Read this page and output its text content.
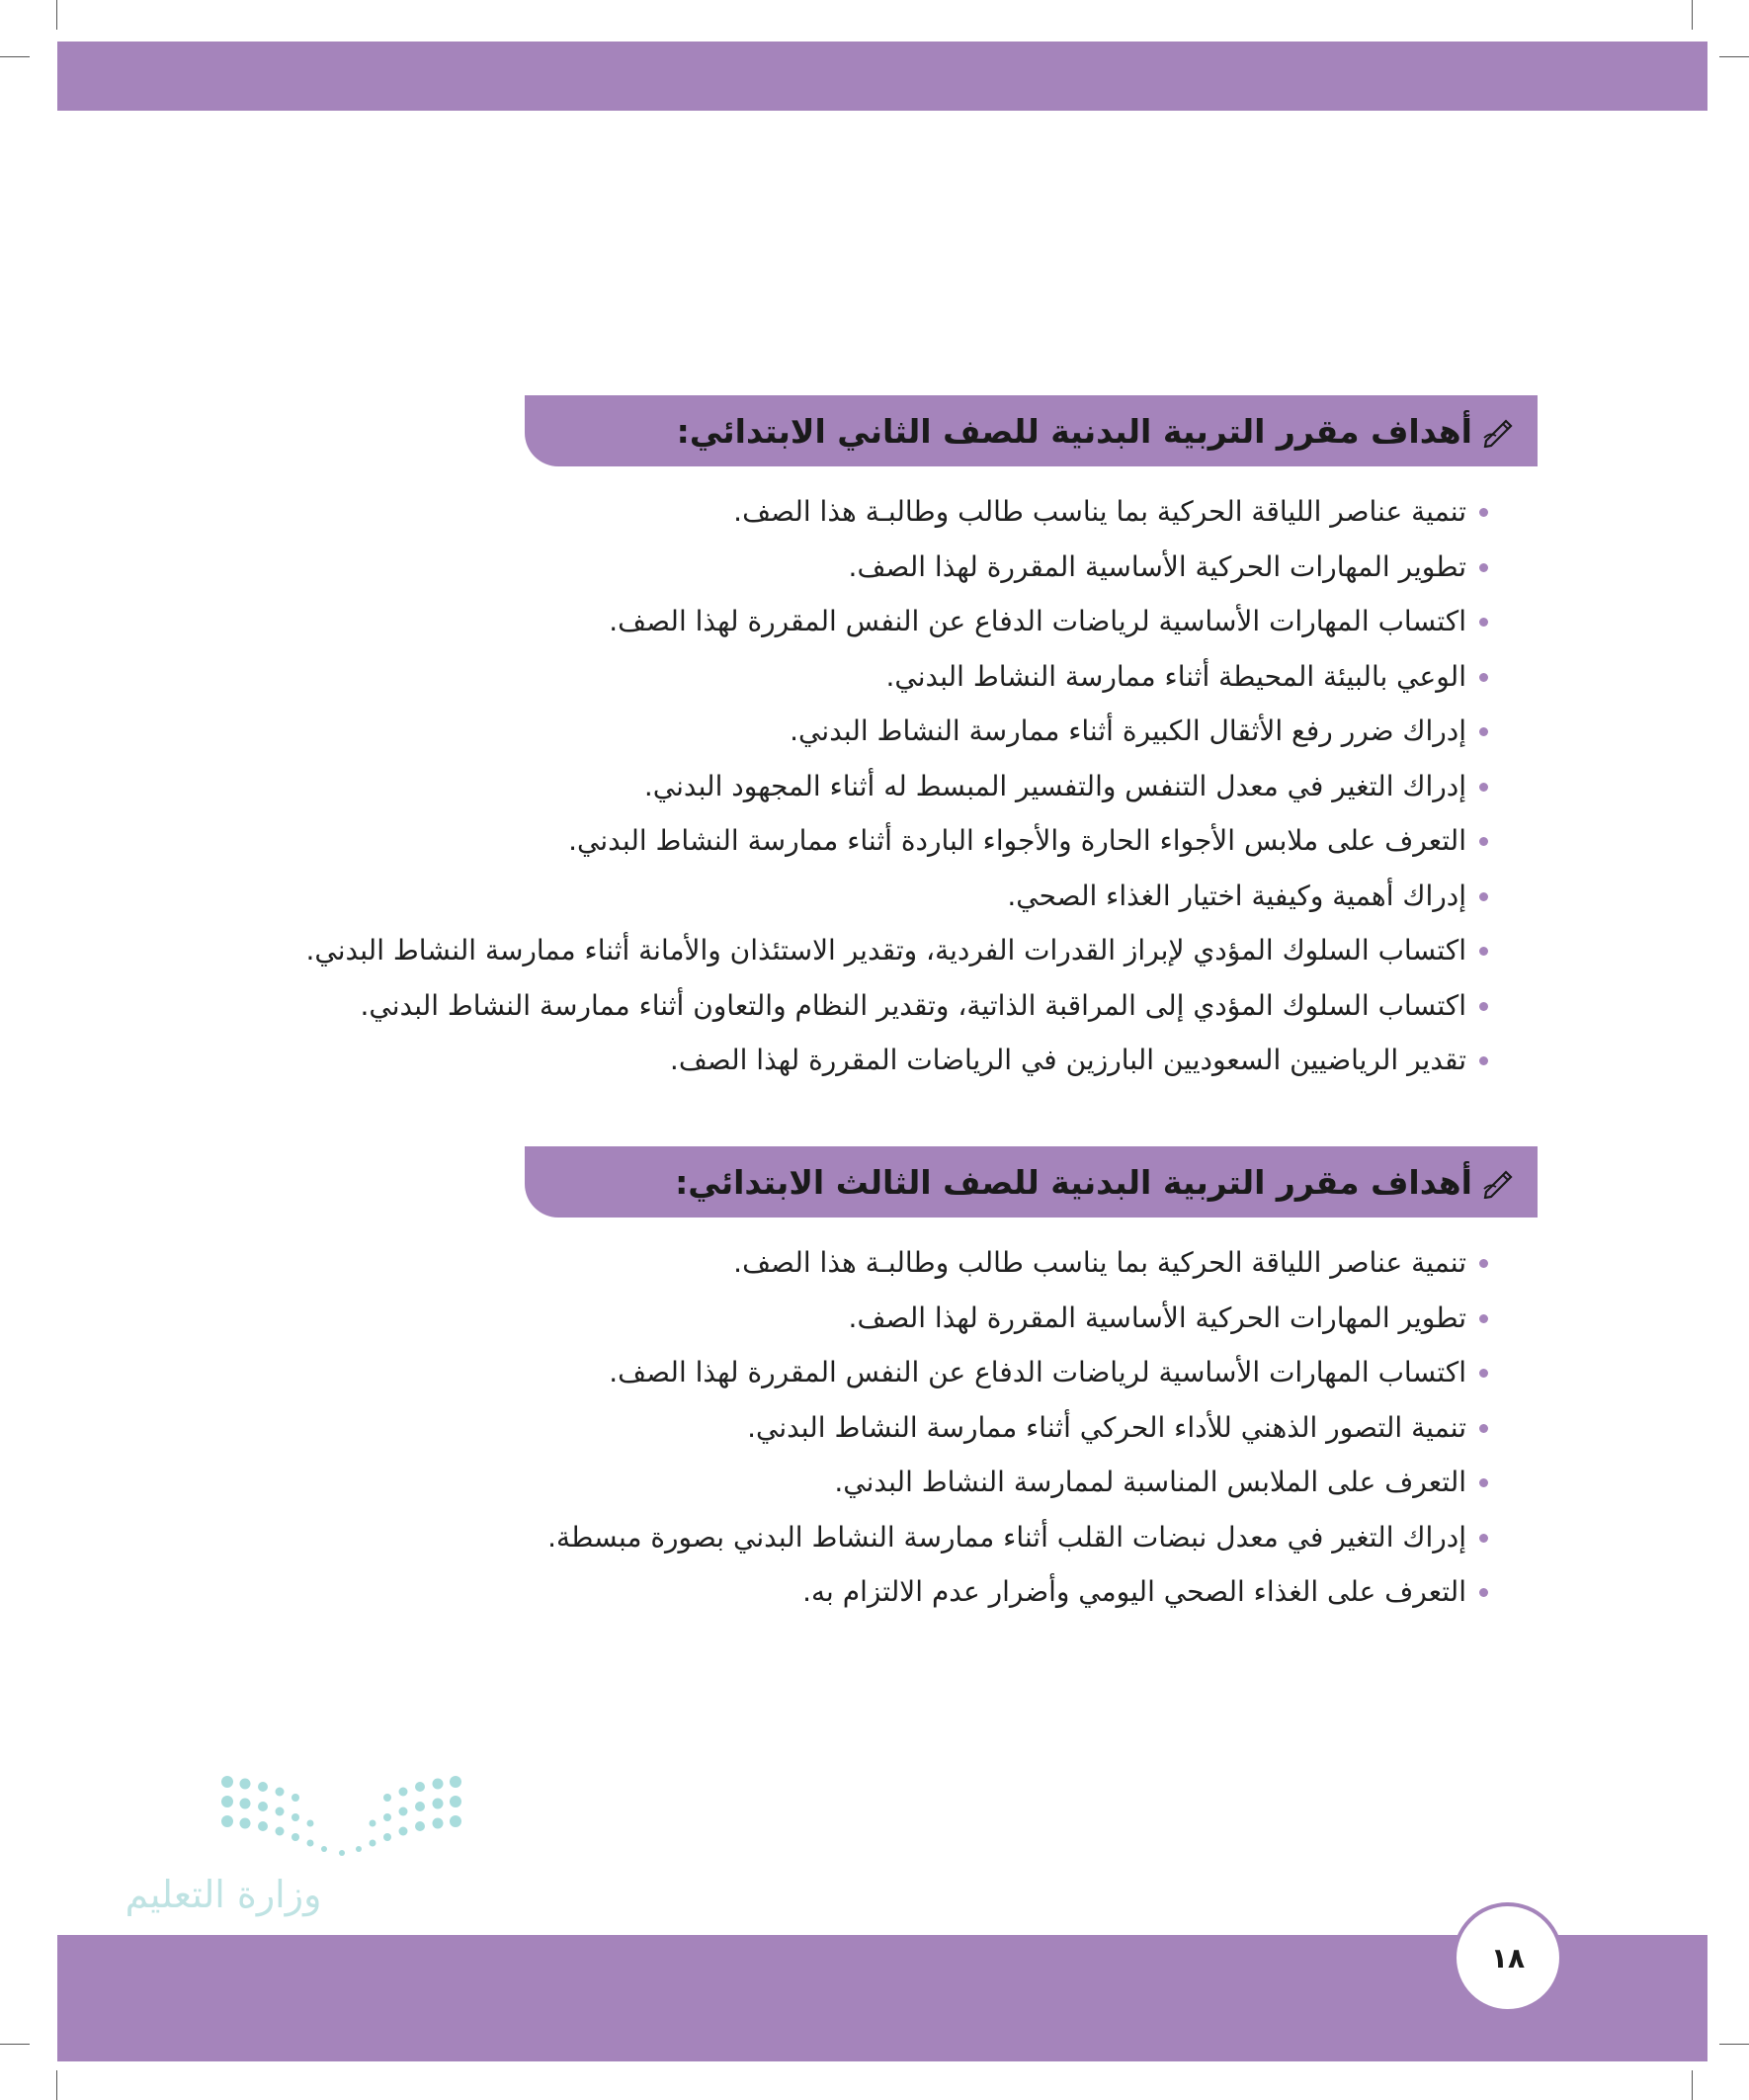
أهداف مقرر التربية البدنية للصف الثاني الابتدائي:
تنمية عناصر اللياقة الحركية بما يناسب طالب وطالبـة هذا الصف.
تطوير المهارات الحركية الأساسية المقررة لهذا الصف.
اكتساب المهارات الأساسية لرياضات الدفاع عن النفس المقررة لهذا الصف.
الوعي بالبيئة المحيطة أثناء ممارسة النشاط البدني.
إدراك ضرر رفع الأثقال الكبيرة أثناء ممارسة النشاط البدني.
إدراك التغير في معدل التنفس والتفسير المبسط له أثناء المجهود البدني.
التعرف على ملابس الأجواء الحارة والأجواء الباردة أثناء ممارسة النشاط البدني.
إدراك أهمية وكيفية اختيار الغذاء الصحي.
اكتساب السلوك المؤدي لإبراز القدرات الفردية، وتقدير الاستئذان والأمانة أثناء ممارسة النشاط البدني.
اكتساب السلوك المؤدي إلى المراقبة الذاتية، وتقدير النظام والتعاون أثناء ممارسة النشاط البدني.
تقدير الرياضيين السعوديين البارزين في الرياضات المقررة لهذا الصف.
أهداف مقرر التربية البدنية للصف الثالث الابتدائي:
تنمية عناصر اللياقة الحركية بما يناسب طالب وطالبـة هذا الصف.
تطوير المهارات الحركية الأساسية المقررة لهذا الصف.
اكتساب المهارات الأساسية لرياضات الدفاع عن النفس المقررة لهذا الصف.
تنمية التصور الذهني للأداء الحركي أثناء ممارسة النشاط البدني.
التعرف على الملابس المناسبة لممارسة النشاط البدني.
إدراك التغير في معدل نبضات القلب أثناء ممارسة النشاط البدني بصورة مبسطة.
التعرف على الغذاء الصحي اليومي وأضرار عدم الالتزام به.
وزارة التعليم
١٨
